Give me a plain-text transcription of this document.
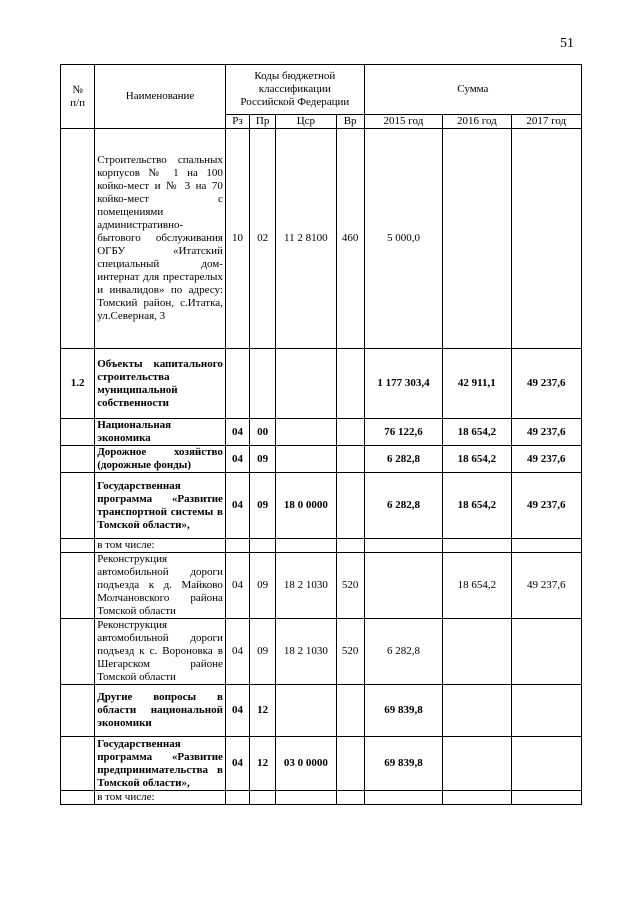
51
№
п/п	Наименование	Коды бюджетной
классификации
Российской Федерации				Сумма		
		Рз	Пр	Цср	Вр	2015 год	2016 год	2017 год
	Строительство спальных корпусов № 1 на 100 койко-мест и № 3 на 70 койко-мест с помещениями административно-бытового обслуживания ОГБУ «Итатский специальный дом-интернат для престарелых и инвалидов» по адресу: Томский район, с.Итатка, ул.Северная, 3	10	02	11 2 8100	460	5 000,0		
1.2	Объекты капитального строительства муниципальной собственности					1 177 303,4	42 911,1	49 237,6
	Национальная экономика	04	00			76 122,6	18 654,2	49 237,6
	Дорожное хозяйство (дорожные фонды)	04	09			6 282,8	18 654,2	49 237,6
	Государственная программа «Развитие транспортной системы в Томской области»,	04	09	18 0 0000		6 282,8	18 654,2	49 237,6
	в том числе:							
	Реконструкция автомобильной дороги подъезда к д. Майково Молчановского района Томской области	04	09	18 2 1030	520		18 654,2	49 237,6
	Реконструкция автомобильной дороги подъезд к с. Вороновка в Шегарском районе Томской области	04	09	18 2 1030	520	6 282,8		
	Другие вопросы в области национальной экономики	04	12			69 839,8		
	Государственная программа «Развитие предпринимательства в Томской области»,	04	12	03 0 0000		69 839,8		
	в том числе:							
